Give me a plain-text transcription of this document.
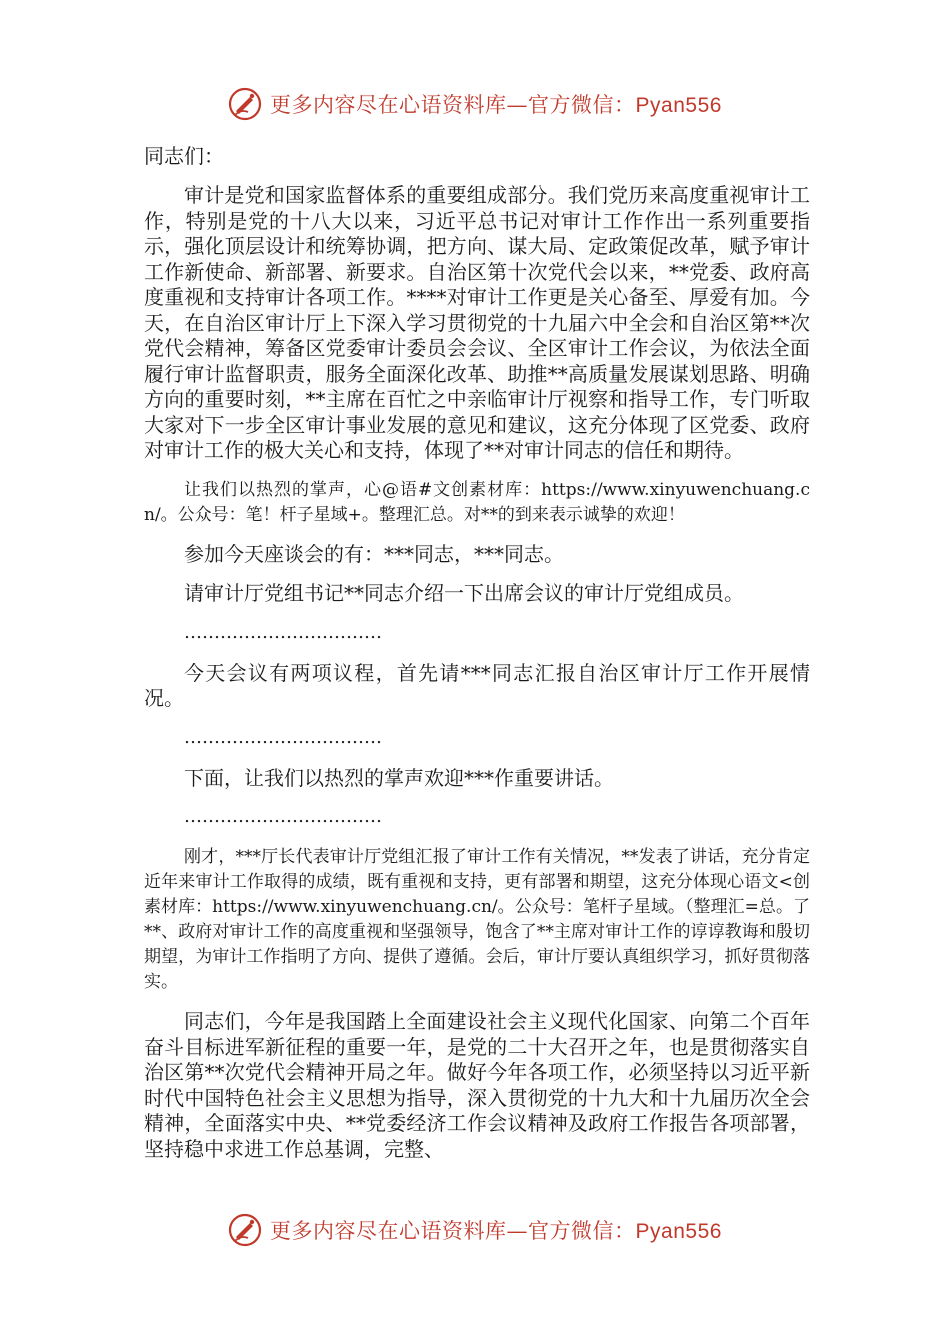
更多内容尽在心语资料库—官方微信：Pyan556
同志们：

审计是党和国家监督体系的重要组成部分。我们党历来高度重视审计工作，特别是党的十八大以来，习近平总书记对审计工作作出一系列重要指示，强化顶层设计和统筹协调，把方向、谋大局、定政策促改革，赋予审计工作新使命、新部署、新要求。自治区第十次党代会以来，**党委、政府高度重视和支持审计各项工作。****对审计工作更是关心备至、厚爱有加。今天，在自治区审计厅上下深入学习贯彻党的十九届六中全会和自治区第**次党代会精神，筹备区党委审计委员会会议、全区审计工作会议，为依法全面履行审计监督职责，服务全面深化改革、助推**高质量发展谋划思路、明确方向的重要时刻，**主席在百忙之中亲临审计厅视察和指导工作，专门听取大家对下一步全区审计事业发展的意见和建议，这充分体现了区党委、政府对审计工作的极大关心和支持，体现了**对审计同志的信任和期待。

让我们以热烈的掌声，心@语#文创素材库：https://www.xinyuwenchuang.cn/。公众号：笔！杆子星域+。整理汇总。对**的到来表示诚挚的欢迎！

参加今天座谈会的有：***同志，***同志。

请审计厅党组书记**同志介绍一下出席会议的审计厅党组成员。

……………………………

今天会议有两项议程，首先请***同志汇报自治区审计厅工作开展情况。

……………………………

下面，让我们以热烈的掌声欢迎***作重要讲话。

……………………………

刚才，***厅长代表审计厅党组汇报了审计工作有关情况，**发表了讲话，充分肯定近年来审计工作取得的成绩，既有重视和支持，更有部署和期望，这充分体现心语文<创素材库：https://www.xinyuwenchuang.cn/。公众号：笔杆子星域。（整理汇=总。了**、政府对审计工作的高度重视和坚强领导，饱含了**主席对审计工作的谆谆教诲和殷切期望，为审计工作指明了方向、提供了遵循。会后，审计厅要认真组织学习，抓好贯彻落实。

同志们，今年是我国踏上全面建设社会主义现代化国家、向第二个百年奋斗目标进军新征程的重要一年，是党的二十大召开之年，也是贯彻落实自治区第**次党代会精神开局之年。做好今年各项工作，必须坚持以习近平新时代中国特色社会主义思想为指导，深入贯彻党的十九大和十九届历次全会精神，全面落实中央、**党委经济工作会议精神及政府工作报告各项部署，坚持稳中求进工作总基调，完整、

更多内容尽在心语资料库—官方微信：Pyan556
